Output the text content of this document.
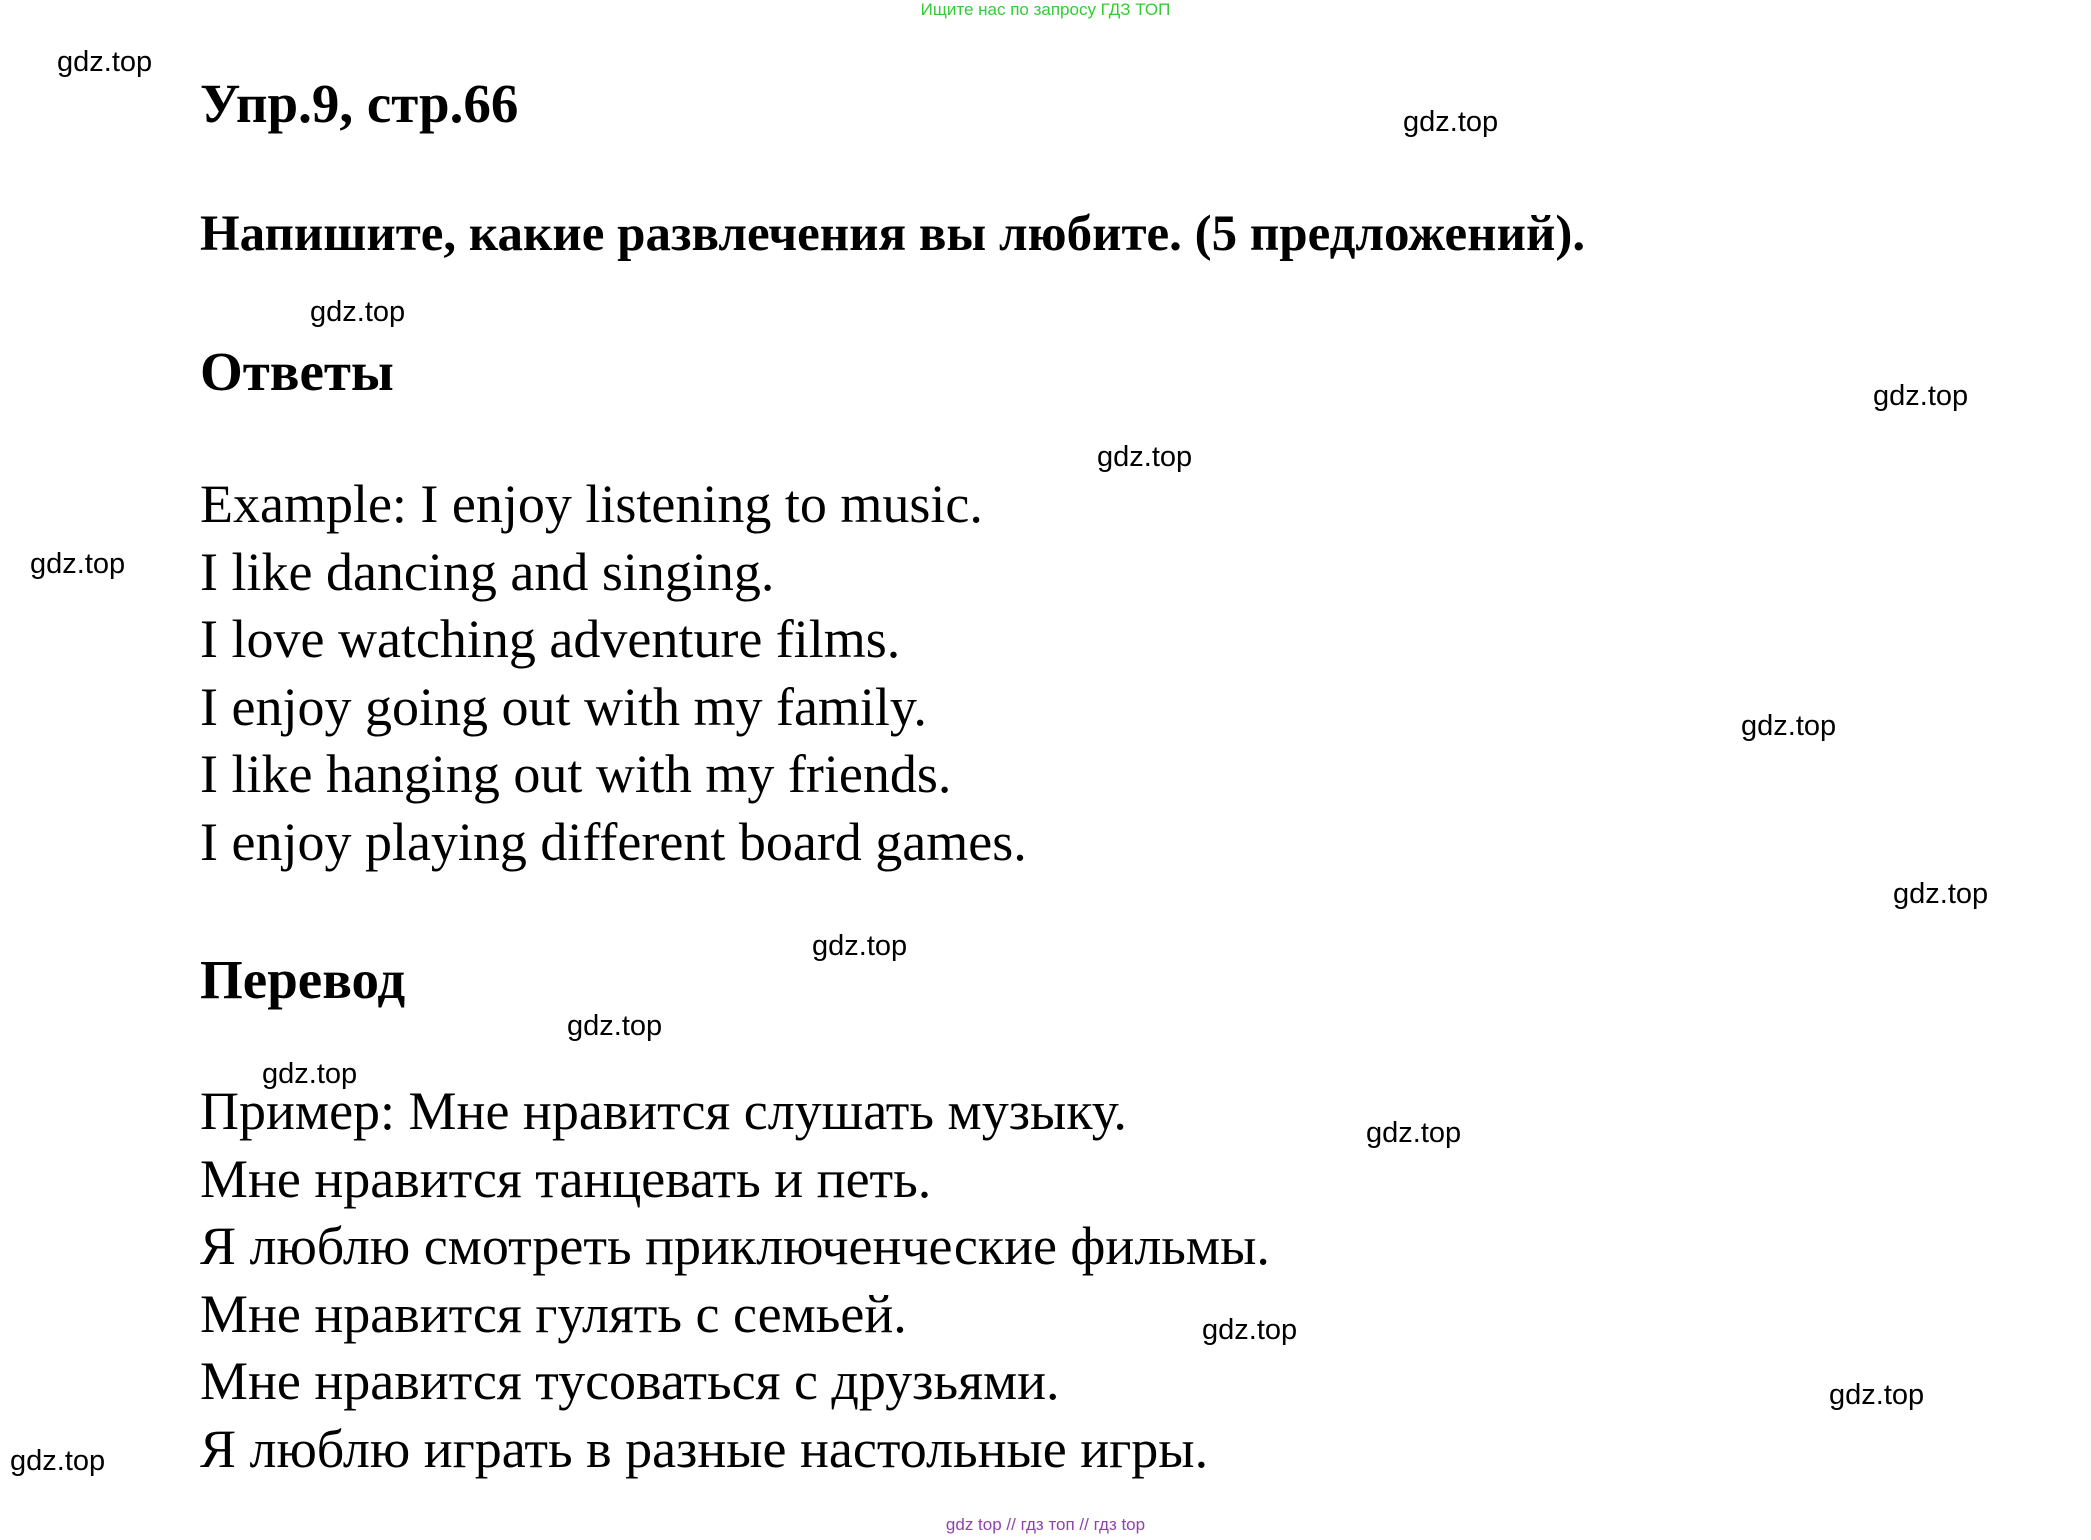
Ищите нас по запросу ГДЗ ТОП
Упр.9, стр.66
Напишите, какие развлечения вы любите. (5 предложений).
Ответы
Example: I enjoy listening to music.
I like dancing and singing.
I love watching adventure films.
I enjoy going out with my family.
I like hanging out with my friends.
I enjoy playing different board games.
Перевод
Пример: Мне нравится слушать музыку.
Мне нравится танцевать и петь.
Я люблю смотреть приключенческие фильмы.
Мне нравится гулять с семьей.
Мне нравится тусоваться с друзьями.
Я люблю играть в разные настольные игры.
gdz.top
gdz.top
gdz.top
gdz.top
gdz.top
gdz.top
gdz.top
gdz.top
gdz.top
gdz.top
gdz.top
gdz.top
gdz.top
gdz.top
gdz.top
gdz top // гдз топ // гдз top
